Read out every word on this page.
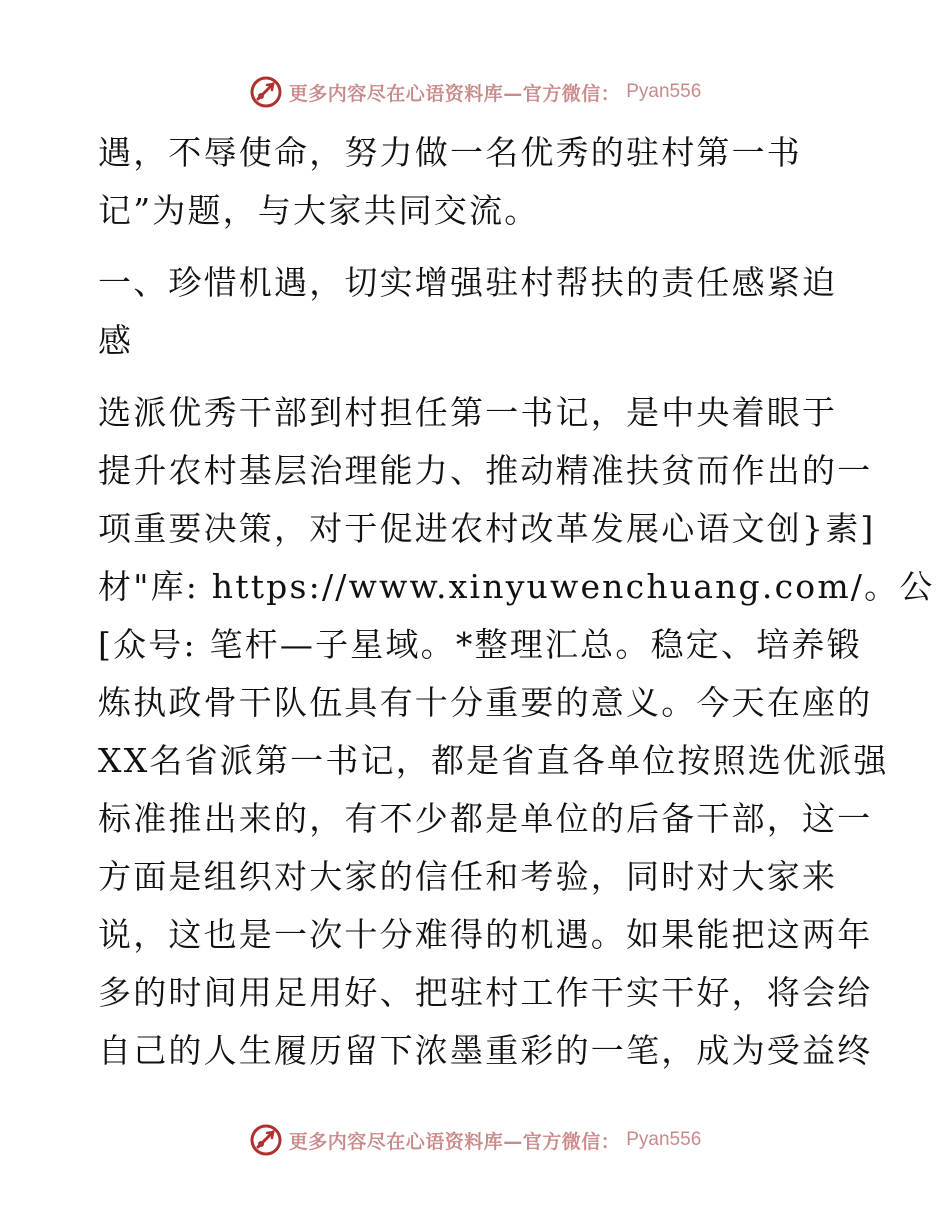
更多内容尽在心语资料库—官方微信： Pyan556

遇，不辱使命，努力做一名优秀的驻村第一书
记”为题，与大家共同交流。

一、珍惜机遇，切实增强驻村帮扶的责任感紧迫
感

选派优秀干部到村担任第一书记，是中央着眼于
提升农村基层治理能力、推动精准扶贫而作出的一
项重要决策，对于促进农村改革发展心语文创}素]
材"库: https://www.xinyuwenchuang.com/。公
[众号: 笔杆—子星域。*整理汇总。稳定、培养锻
炼执政骨干队伍具有十分重要的意义。今天在座的
XX名省派第一书记，都是省直各单位按照选优派强
标准推出来的，有不少都是单位的后备干部，这一
方面是组织对大家的信任和考验，同时对大家来
说，这也是一次十分难得的机遇。如果能把这两年
多的时间用足用好、把驻村工作干实干好，将会给
自己的人生履历留下浓墨重彩的一笔，成为受益终

更多内容尽在心语资料库—官方微信： Pyan556
